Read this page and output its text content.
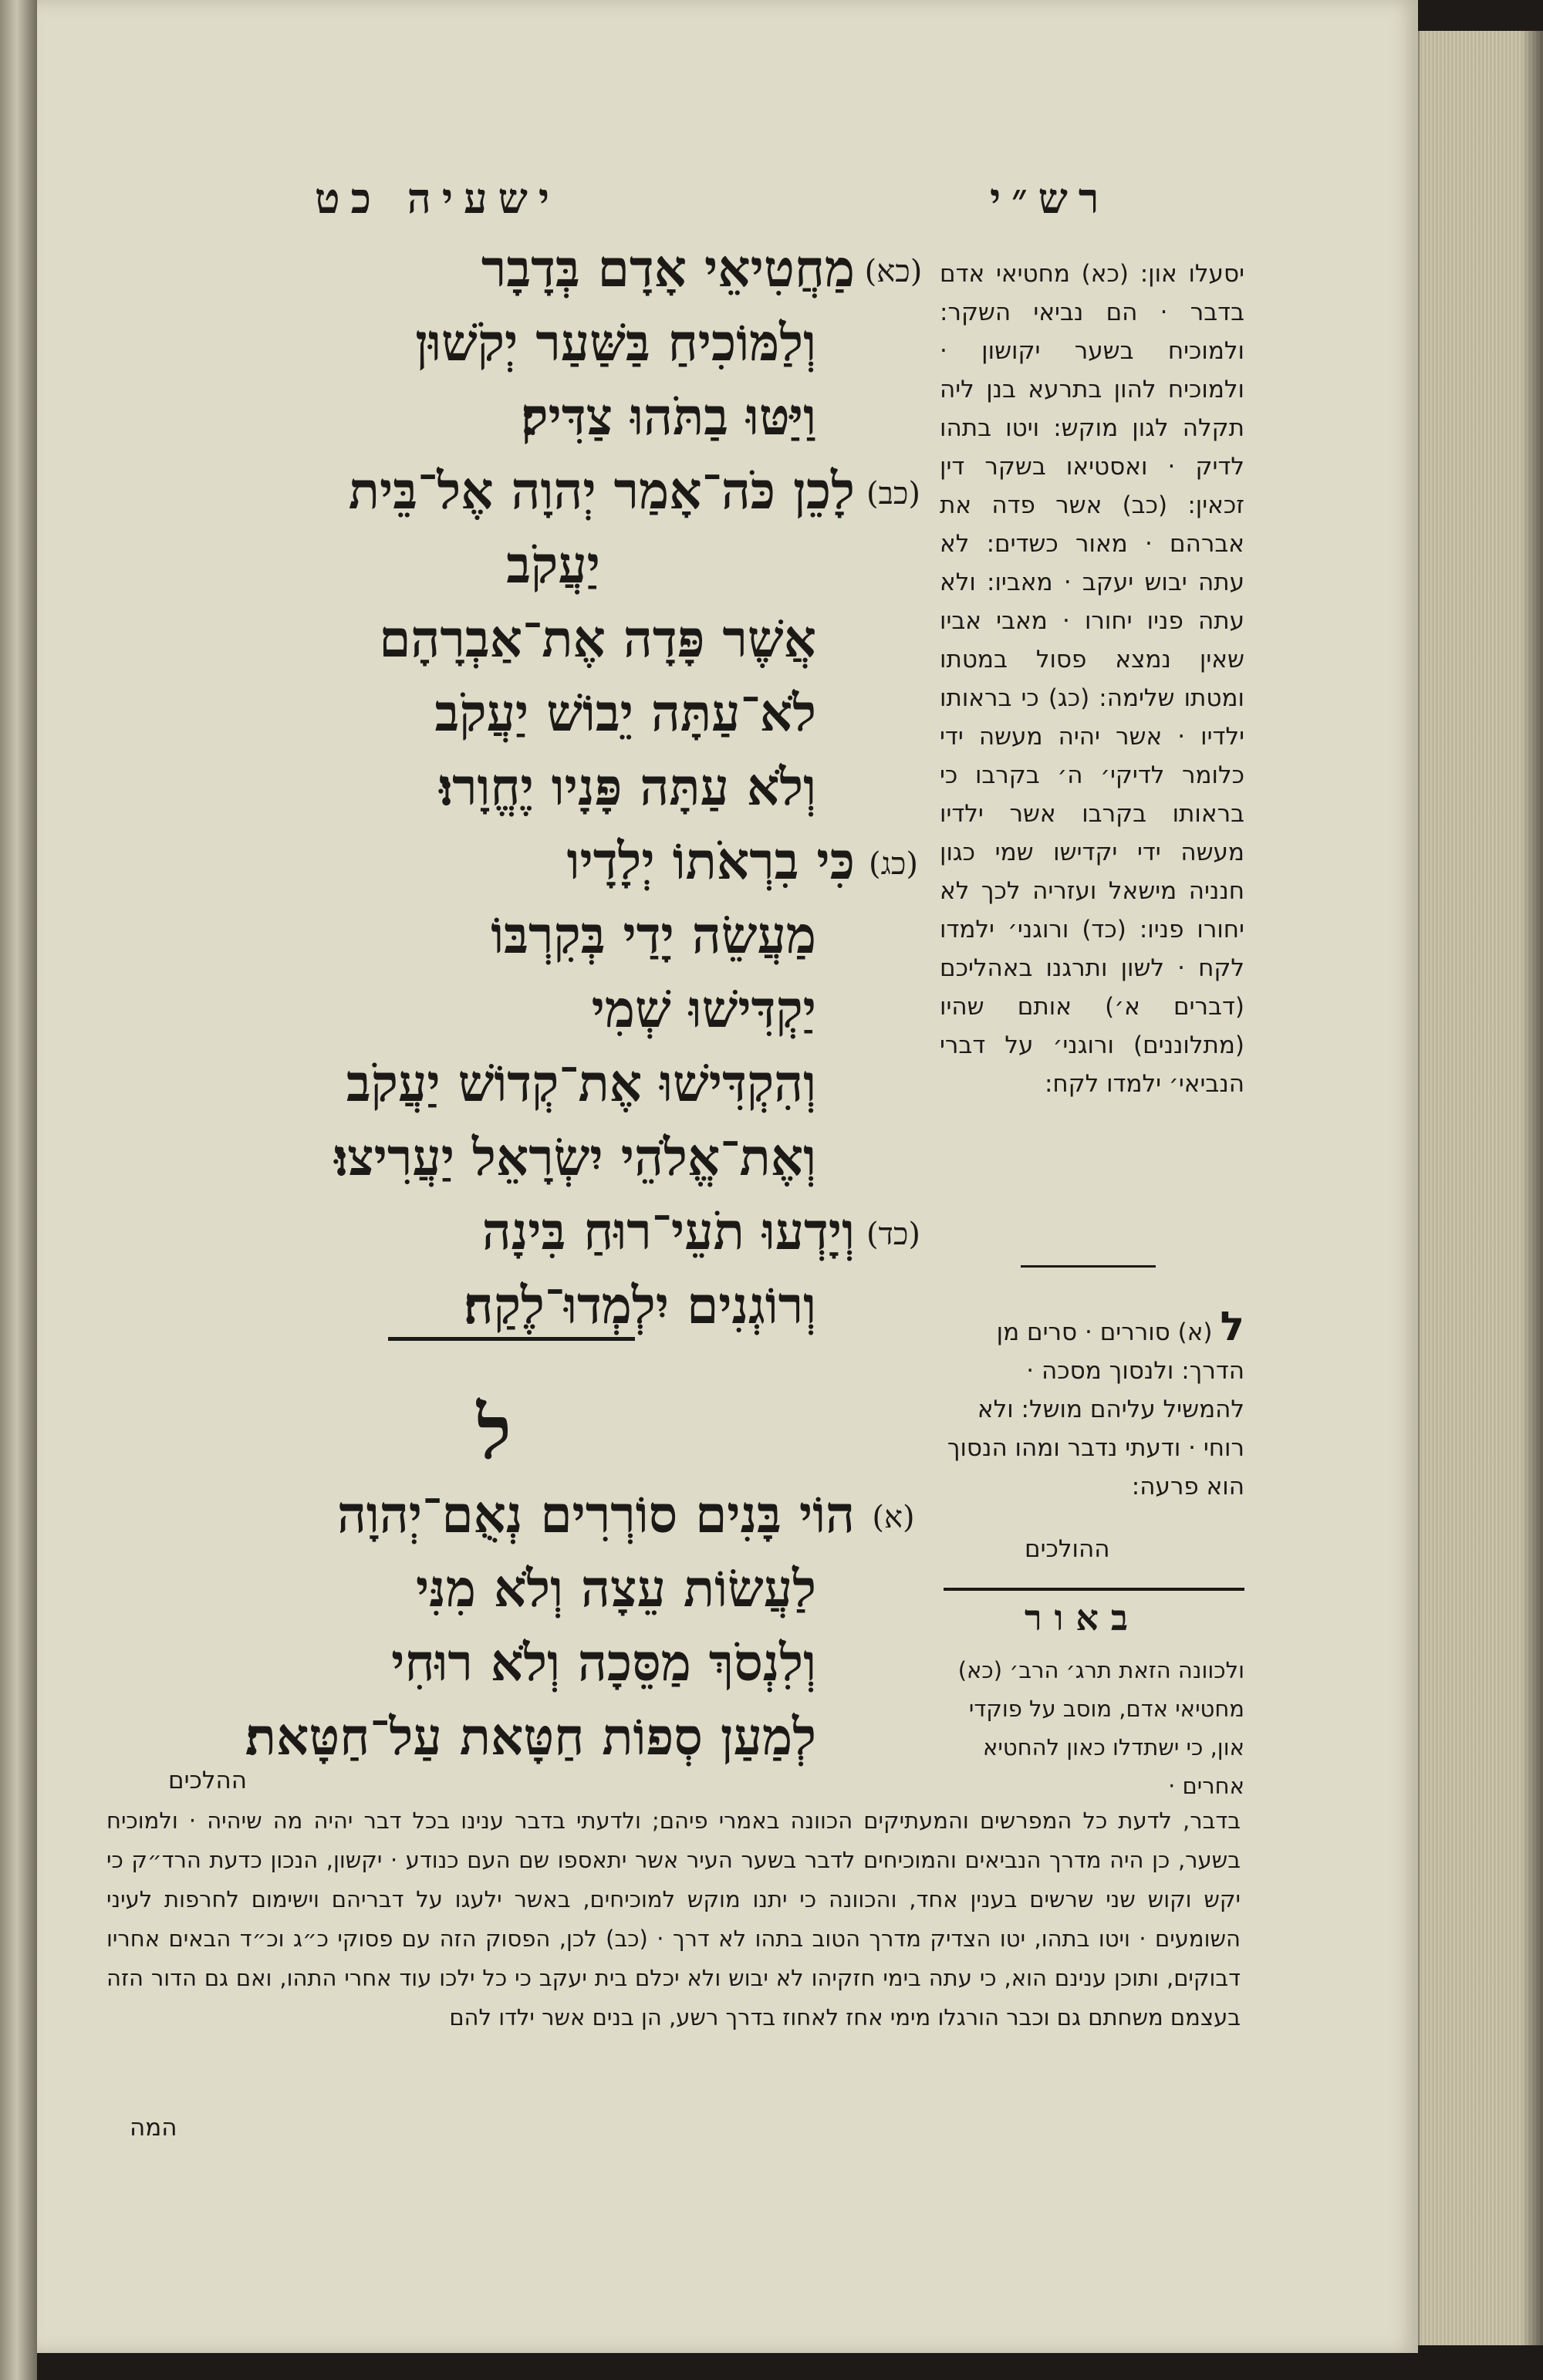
ישעיה כט	רש״י
(כא)
מַחֲטִיאֵי אָדָם בְּדָבָר
וְלַמּוֹכִיחַ בַּשַּׁעַר יְקֹשׁוּן
וַיַּטּוּ בַתֹּהוּ צַדִּיק׃
(כב)
לָכֵן כֹּה־אָמַר יְהוָה אֶל־בֵּית
יַעֲקֹב
אֲשֶׁר פָּדָה אֶת־אַבְרָהָם
לֹא־עַתָּה יֵבוֹשׁ יַעֲקֹב
וְלֹא עַתָּה פָּנָיו יֶחֱוָרוּ׃
(כג)
כִּי בִרְאֹתוֹ יְלָדָיו
מַעֲשֵׂה יָדַי בְּקִרְבּוֹ
יַקְדִּישׁוּ שְׁמִי
וְהִקְדִּישׁוּ אֶת־קְדוֹשׁ יַעֲקֹב
וְאֶת־אֱלֹהֵי יִשְׂרָאֵל יַעֲרִיצוּ׃
(כד)
וְיָדְעוּ תֹעֵי־רוּחַ בִּינָה
וְרוֹגְנִים יִלְמְדוּ־לֶקַח׃
ל
(א)
הוֹי בָּנִים סוֹרְרִים נְאֻם־יְהוָה
לַעֲשׂוֹת עֵצָה וְלֹא מִנִּי
וְלִנְסֹךְ מַסֵּכָה וְלֹא רוּחִי
לְמַעַן סְפוֹת חַטָּאת עַל־חַטָּאת׃
יסעלו און: (כא) מחטיאי אדם בדבר · הם נביאי השקר: ולמוכיח בשער יקושון · ולמוכיח להון בתרעא בנן ליה תקלה לגון מוקש: ויטו בתהו לדיק · ואסטיאו בשקר דין זכאין: (כב) אשר פדה את אברהם · מאור כשדים: לא עתה יבוש יעקב · מאביו: ולא עתה פניו יחורו · מאבי אביו שאין נמצא פסול במטתו ומטתו שלימה: (כג) כי בראותו ילדיו · אשר יהיה מעשה ידי כלומר לדיקי׳ ה׳ בקרבו כי בראותו בקרבו אשר ילדיו מעשה ידי יקדישו שמי כגון חנניה מישאל ועזריה לכך לא יחורו פניו: (כד) ורוגני׳ ילמדו לקח · לשון ותרגנו באהליכם (דברים א׳) אותם שהיו (מתלוננים) ורוגני׳ על דברי הנביאי׳ ילמדו לקח:
ל(א) סוררים · סרים מן הדרך: ולנסוך מסכה · להמשיל עליהם מושל: ולא רוחי · ודעתי נדבר ומהו הנסוך הוא פרעה:
ההולכים
באור
ולכוונה הזאת תרג׳ הרב׳ (כא) מחטיאי אדם, מוסב על פוקדי און, כי ישתדלו כאון להחטיא אחרים ·
ההלכים
בדבר, לדעת כל המפרשים והמעתיקים הכוונה באמרי פיהם; ולדעתי בדבר ענינו בכל דבר יהיה מה שיהיה · ולמוכיח בשער, כן היה מדרך הנביאים והמוכיחים לדבר בשער העיר אשר יתאספו שם העם כנודע · יקשון, הנכון כדעת הרד״ק כי יקש וקוש שני שרשים בענין אחד, והכוונה כי יתנו מוקש למוכיחים, באשר ילעגו על דבריהם וישימום לחרפות לעיני השומעים · ויטו בתהו, יטו הצדיק מדרך הטוב בתהו לא דרך · (כב) לכן, הפסוק הזה עם פסוקי כ״ג וכ״ד הבאים אחריו דבוקים, ותוכן ענינם הוא, כי עתה בימי חזקיהו לא יבוש ולא יכלם בית יעקב כי כל ילכו עוד אחרי התהו, ואם גם הדור הזה בעצמם משחתם גם וכבר הורגלו מימי אחז לאחוז בדרך רשע, הן בנים אשר ילדו להם
המה
